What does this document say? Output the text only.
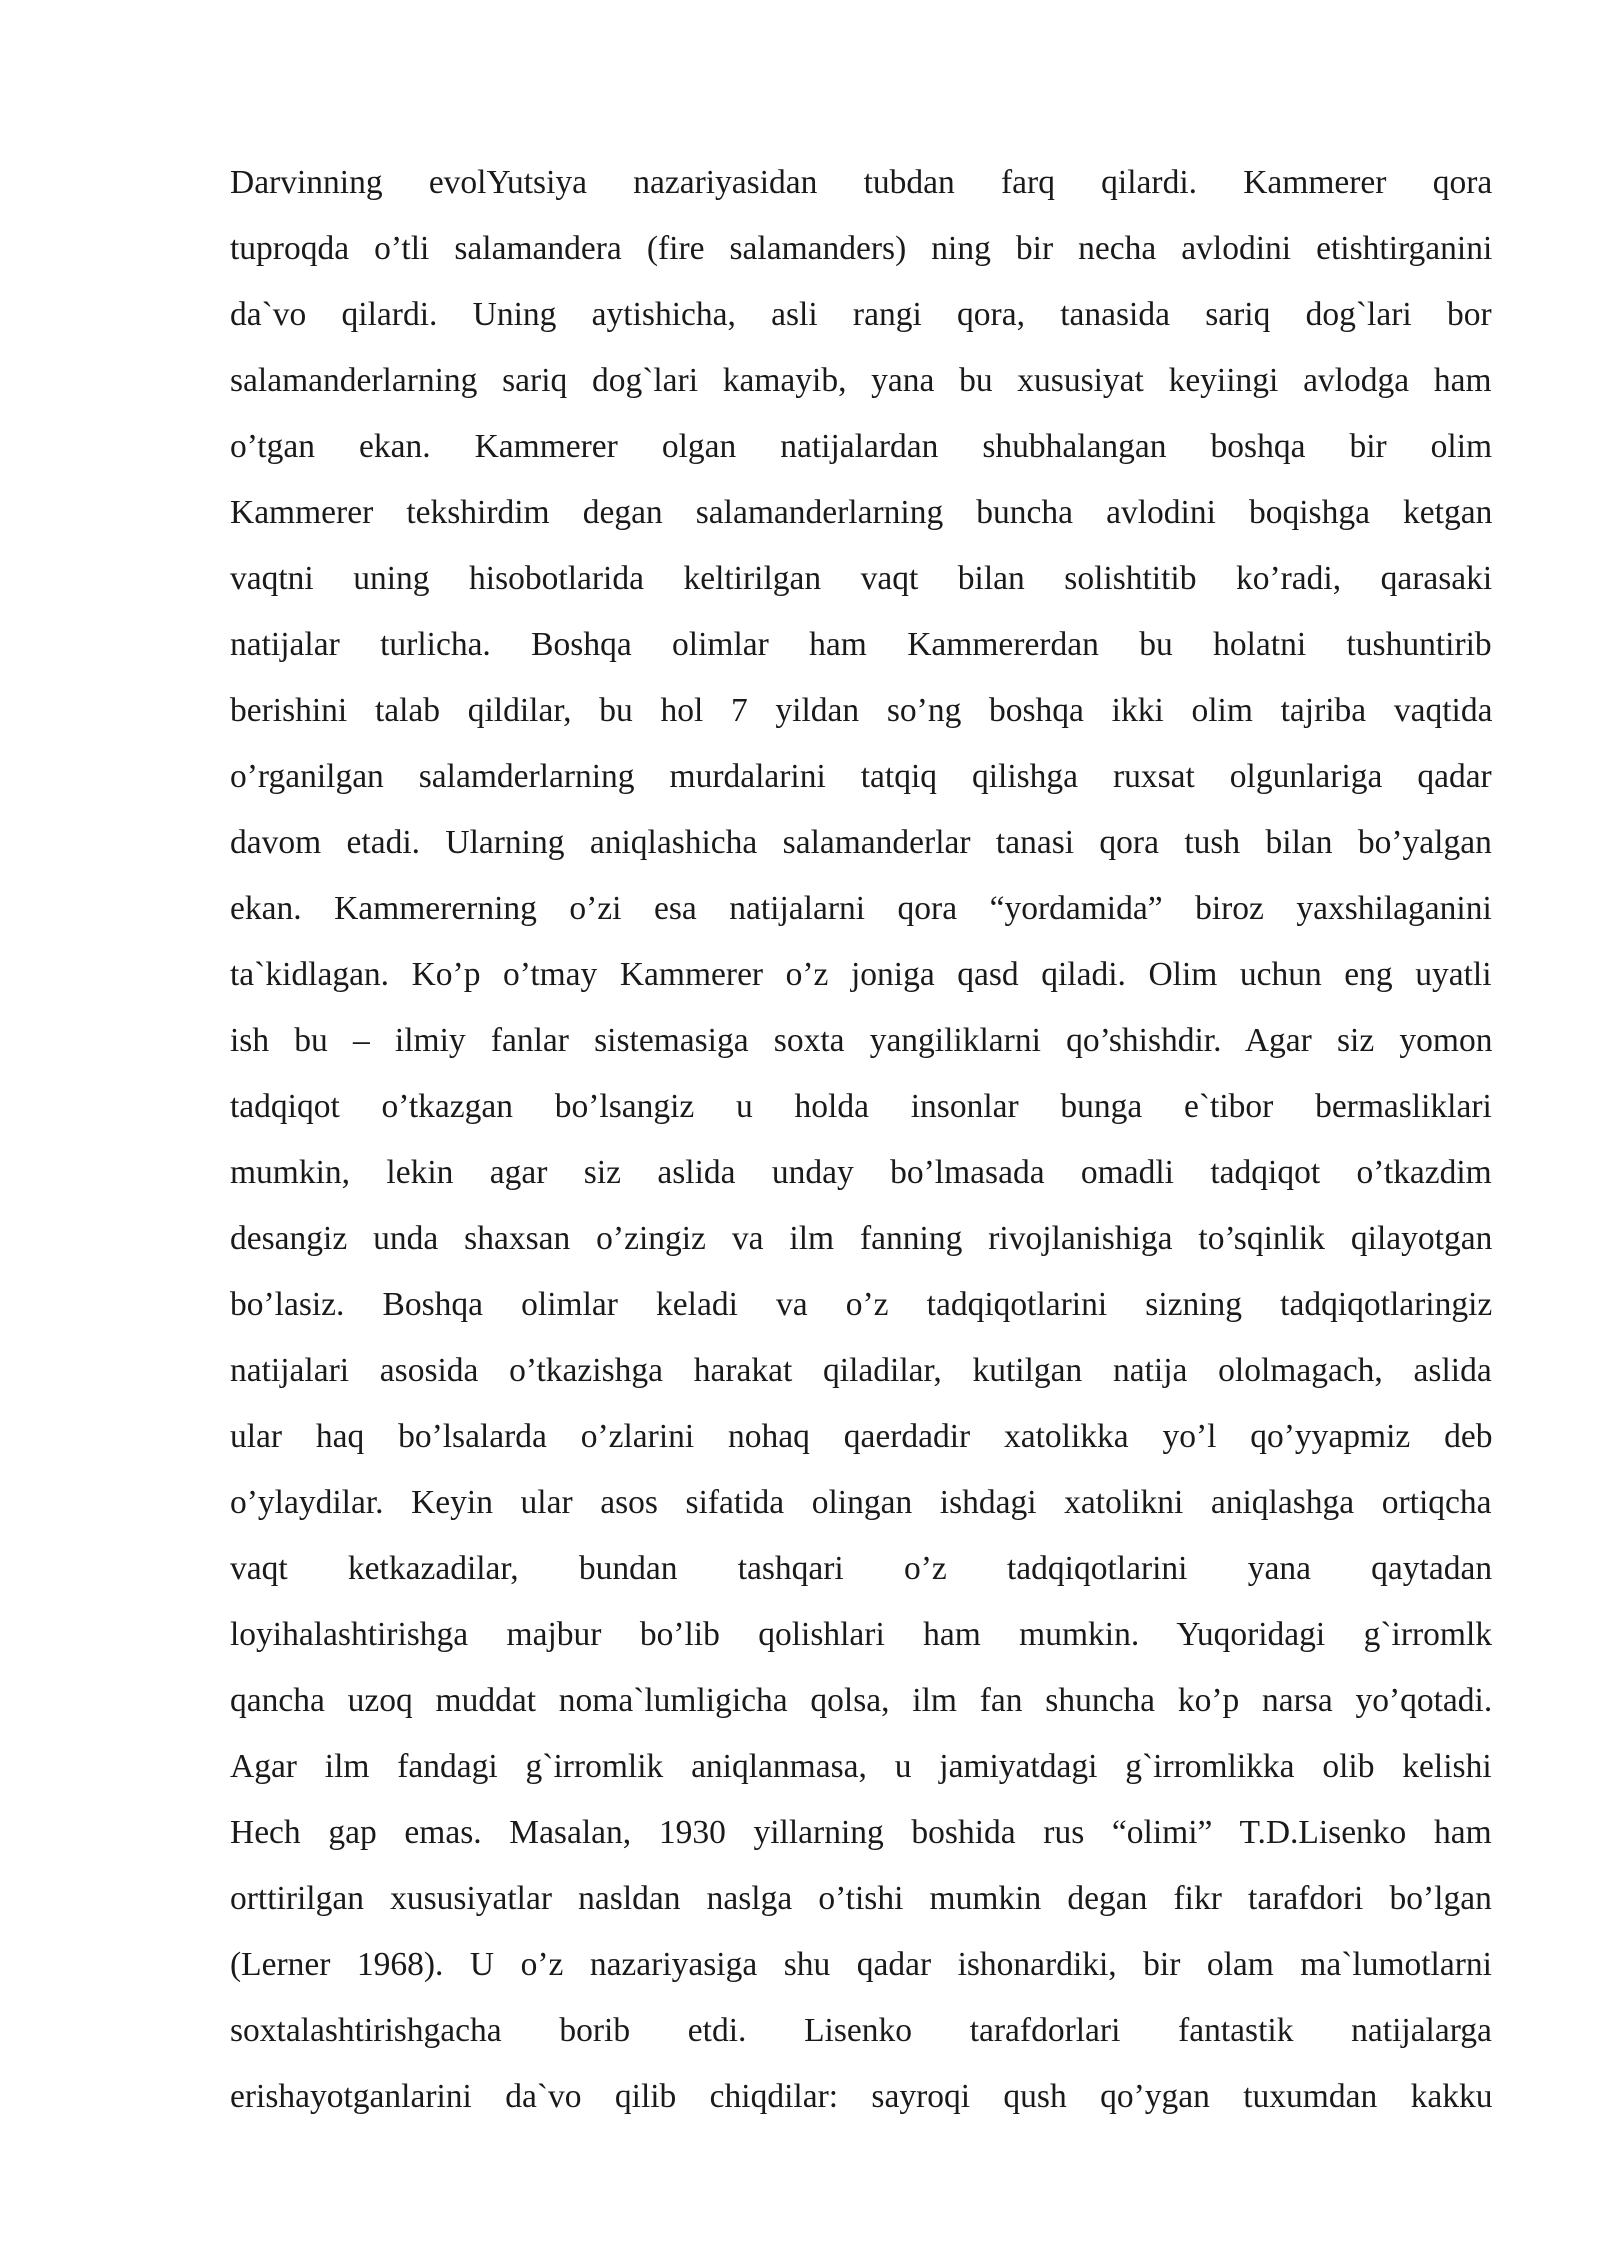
Darvinning evolYutsiya nazariyasidan tubdan farq qilardi. Kammerer qora
tuproqda o’tli salamandera (fire salamanders) ning bir necha avlodini etishtirganini
da`vo qilardi. Uning aytishicha, asli rangi qora, tanasida sariq dog`lari bor
salamanderlarning sariq dog`lari kamayib, yana bu xususiyat keyiingi avlodga ham
o’tgan ekan. Kammerer olgan natijalardan shubhalangan boshqa bir olim
Kammerer tekshirdim degan salamanderlarning buncha avlodini boqishga ketgan
vaqtni uning hisobotlarida keltirilgan vaqt bilan solishtitib ko’radi, qarasaki
natijalar turlicha. Boshqa olimlar ham Kammererdan bu holatni tushuntirib
berishini talab qildilar, bu hol 7 yildan so’ng boshqa ikki olim tajriba vaqtida
o’rganilgan salamderlarning murdalarini tatqiq qilishga ruxsat olgunlariga qadar
davom etadi. Ularning aniqlashicha salamanderlar tanasi qora tush bilan bo’yalgan
ekan. Kammererning o’zi esa natijalarni qora “yordamida” biroz yaxshilaganini
ta`kidlagan. Ko’p o’tmay Kammerer o’z joniga qasd qiladi. Olim uchun eng uyatli
ish bu – ilmiy fanlar sistemasiga soxta yangiliklarni qo’shishdir. Agar siz yomon
tadqiqot o’tkazgan bo’lsangiz u holda insonlar bunga e`tibor bermasliklari
mumkin, lekin agar siz aslida unday bo’lmasada omadli tadqiqot o’tkazdim
desangiz unda shaxsan o’zingiz va ilm fanning rivojlanishiga to’sqinlik qilayotgan
bo’lasiz. Boshqa olimlar keladi va o’z tadqiqotlarini sizning tadqiqotlaringiz
natijalari asosida o’tkazishga harakat qiladilar, kutilgan natija ololmagach, aslida
ular haq bo’lsalarda o’zlarini nohaq qaerdadir xatolikka yo’l qo’yyapmiz deb
o’ylaydilar. Keyin ular asos sifatida olingan ishdagi xatolikni aniqlashga ortiqcha
vaqt ketkazadilar, bundan tashqari o’z tadqiqotlarini yana qaytadan
loyihalashtirishga majbur bo’lib qolishlari ham mumkin. Yuqoridagi g`irromlk
qancha uzoq muddat noma`lumligicha qolsa, ilm fan shuncha ko’p narsa yo’qotadi.
Agar ilm fandagi g`irromlik aniqlanmasa, u jamiyatdagi g`irromlikka olib kelishi
Hech gap emas. Masalan, 1930 yillarning boshida rus “olimi” T.D.Lisenko ham
orttirilgan xususiyatlar nasldan naslga o’tishi mumkin degan fikr tarafdori bo’lgan
(Lerner 1968). U o’z nazariyasiga shu qadar ishonardiki, bir olam ma`lumotlarni
soxtalashtirishgacha borib etdi. Lisenko tarafdorlari fantastik natijalarga
erishayotganlarini da`vo qilib chiqdilar: sayroqi qush qo’ygan tuxumdan kakku
